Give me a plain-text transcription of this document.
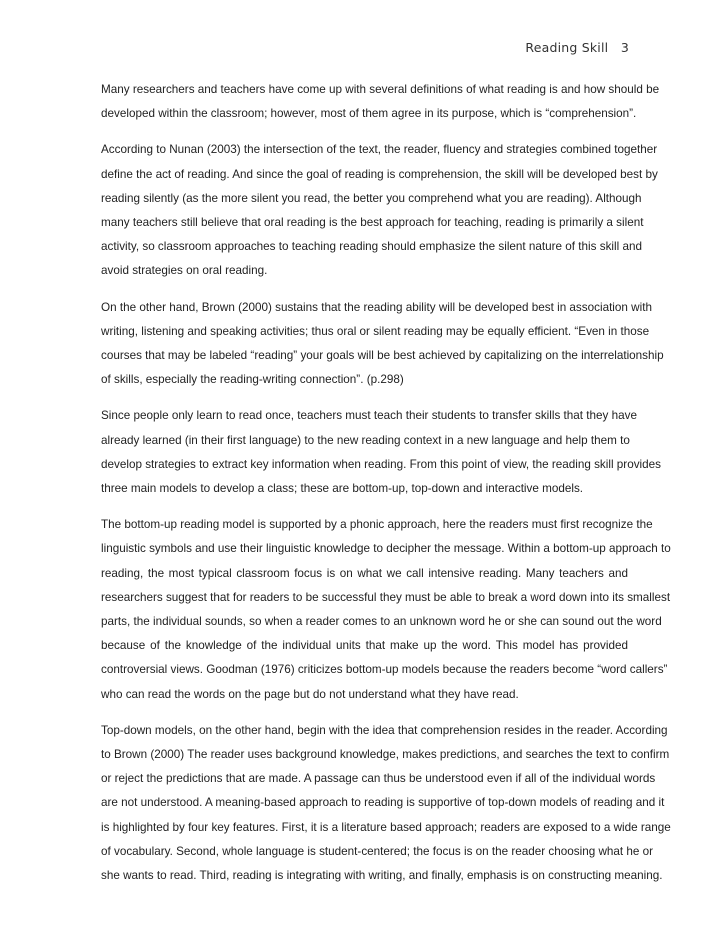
Reading Skill 3

Many researchers and teachers have come up with several definitions of what reading is and how should be
developed within the classroom; however, most of them agree in its purpose, which is “comprehension”.

According to Nunan (2003) the intersection of the text, the reader, fluency and strategies combined together
define the act of reading. And since the goal of reading is comprehension, the skill will be developed best by
reading silently (as the more silent you read, the better you comprehend what you are reading). Although
many teachers still believe that oral reading is the best approach for teaching, reading is primarily a silent
activity, so classroom approaches to teaching reading should emphasize the silent nature of this skill and
avoid strategies on oral reading.

On the other hand, Brown (2000) sustains that the reading ability will be developed best in association with
writing, listening and speaking activities; thus oral or silent reading may be equally efficient. “Even in those
courses that may be labeled “reading” your goals will be best achieved by capitalizing on the interrelationship
of skills, especially the reading-writing connection”. (p.298)

Since people only learn to read once, teachers must teach their students to transfer skills that they have
already learned (in their first language) to the new reading context in a new language and help them to
develop strategies to extract key information when reading. From this point of view, the reading skill provides
three main models to develop a class; these are bottom-up, top-down and interactive models.

The bottom-up reading model is supported by a phonic approach, here the readers must first recognize the
linguistic symbols and use their linguistic knowledge to decipher the message. Within a bottom-up approach to
reading, the most typical classroom focus is on what we call intensive reading. Many teachers and
researchers suggest that for readers to be successful they must be able to break a word down into its smallest
parts, the individual sounds, so when a reader comes to an unknown word he or she can sound out the word
because of the knowledge of the individual units that make up the word. This model has provided
controversial views. Goodman (1976) criticizes bottom-up models because the readers become “word callers”
who can read the words on the page but do not understand what they have read.

Top-down models, on the other hand, begin with the idea that comprehension resides in the reader. According
to Brown (2000) The reader uses background knowledge, makes predictions, and searches the text to confirm
or reject the predictions that are made. A passage can thus be understood even if all of the individual words
are not understood. A meaning-based approach to reading is supportive of top-down models of reading and it
is highlighted by four key features. First, it is a literature based approach; readers are exposed to a wide range
of vocabulary. Second, whole language is student-centered; the focus is on the reader choosing what he or
she wants to read. Third, reading is integrating with writing, and finally, emphasis is on constructing meaning.
